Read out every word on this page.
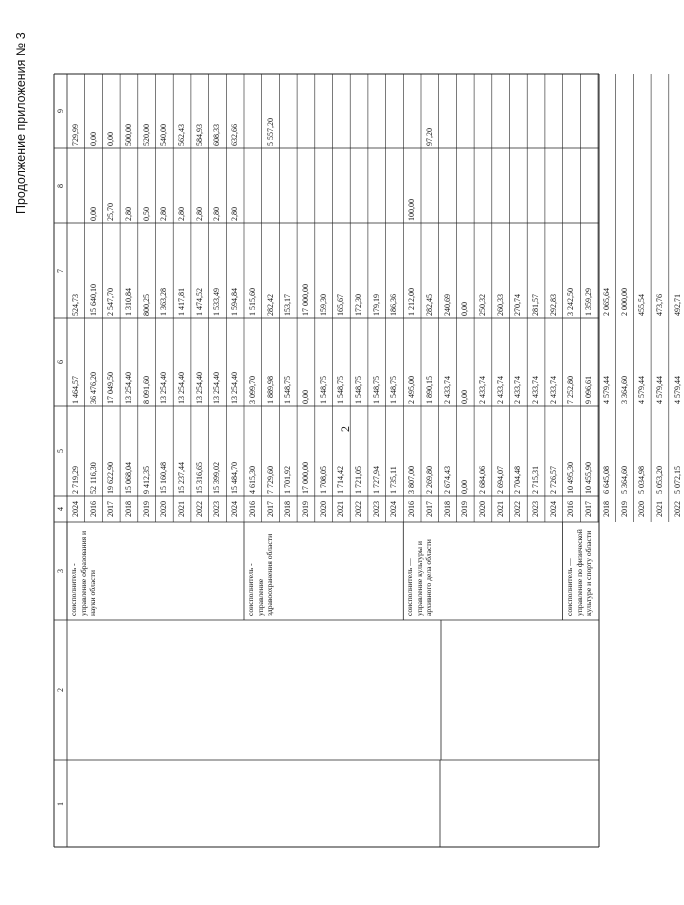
Продолжение приложения № 3
2
1
2
3
4
5
6
7
8
9
2024
2 719,29
1 464,57
524,73
729,99
2016
52 116,30
36 476,20
15 640,10
0,00
0,00
2017
19 622,90
17 049,50
2 547,70
25,70
0,00
2018
15 068,04
13 254,40
1 310,84
2,80
500,00
2019
9 412,35
8 091,60
800,25
0,50
520,00
2020
15 160,48
13 254,40
1 363,28
2,80
540,00
2021
15 237,44
13 254,40
1 417,81
2,80
562,43
2022
15 316,65
13 254,40
1 474,52
2,80
584,93
2023
15 399,02
13 254,40
1 533,49
2,80
608,33
2024
15 484,70
13 254,40
1 594,84
2,80
632,66
соисполнитель - управление образования и науки области
2016
4 615,30
3 099,70
1 515,60
2017
7 729,60
1 889,98
282,42
5 557,20
2018
1 701,92
1 548,75
153,17
2019
17 000,00
0,00
17 000,00
2020
1 708,05
1 548,75
159,30
2021
1 714,42
1 548,75
165,67
2022
1 721,05
1 548,75
172,30
2023
1 727,94
1 548,75
179,19
2024
1 735,11
1 548,75
186,36
соисполнитель - управление здравоохранения области
2016
3 807,00
2 495,00
1 212,00
100,00
2017
2 269,80
1 890,15
282,45
97,20
2018
2 674,43
2 433,74
240,69
2019
0,00
0,00
0,00
2020
2 684,06
2 433,74
250,32
2021
2 694,07
2 433,74
260,33
2022
2 704,48
2 433,74
270,74
2023
2 715,31
2 433,74
281,57
2024
2 726,57
2 433,74
292,83
соисполнитель — управление культуры и архивного дела области
2016
10 495,30
7 252,80
3 242,50
2017
10 455,90
9 096,61
1 359,29
2018
6 645,08
4 579,44
2 065,64
2019
5 364,60
3 364,60
2 000,00
2020
5 034,98
4 579,44
455,54
2021
5 053,20
4 579,44
473,76
2022
5 072,15
4 579,44
492,71
соисполнитель — управление по физической культуре и спорту области
